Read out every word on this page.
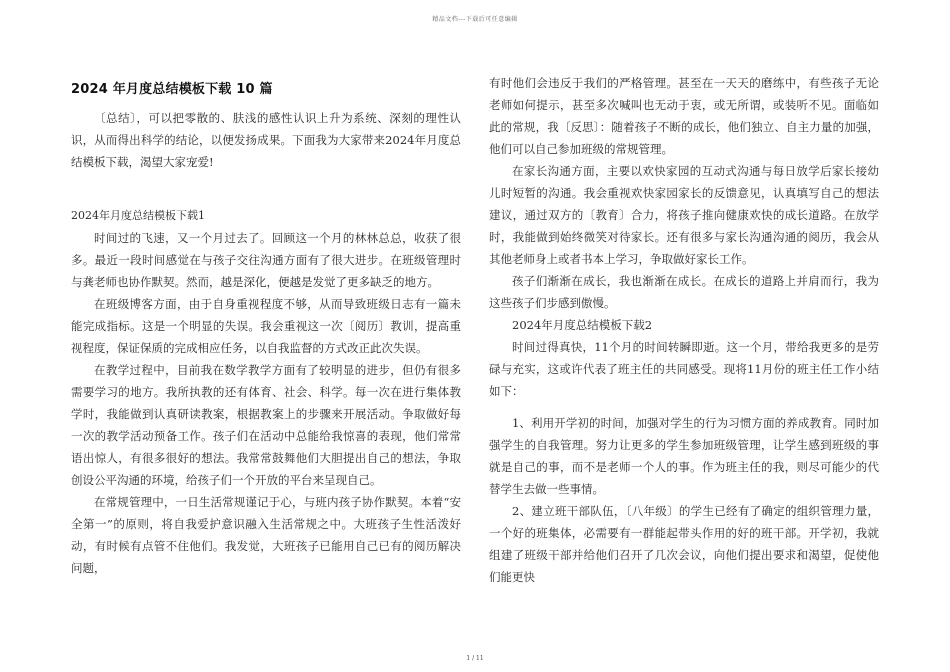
精品文档---下载后可任意编辑
2024 年月度总结模板下载 10 篇

〔总结〕，可以把零散的、肤浅的感性认识上升为系统、深刻的理性认识，从而得出科学的结论，以便发扬成果。下面我为大家带来2024年月度总结模板下载，渴望大家宠爱!

2024年月度总结模板下载1

时间过的飞速，又一个月过去了。回顾这一个月的林林总总，收获了很多。最近一段时间感觉在与孩子交往沟通方面有了很大进步。在班级管理时与龚老师也协作默契。然而，越是深化，便越是发觉了更多缺乏的地方。

在班级博客方面，由于自身重视程度不够，从而导致班级日志有一篇未能完成指标。这是一个明显的失误。我会重视这一次〔阅历〕教训，提高重视程度，保证保质的完成相应任务，以自我监督的方式改正此次失误。

在教学过程中，目前我在数学教学方面有了较明显的进步，但仍有很多需要学习的地方。我所执教的还有体育、社会、科学。每一次在进行集体教学时，我能做到认真研读教案，根据教案上的步骤来开展活动。争取做好每一次的教学活动预备工作。孩子们在活动中总能给我惊喜的表现，他们常常语出惊人，有很多很好的想法。我常常鼓舞他们大胆提出自己的想法，争取创设公平沟通的环境，给孩子们一个开放的平台来呈现自己。

在常规管理中，一日生活常规谨记于心，与班内孩子协作默契。本着“安全第一”的原则，将自我爱护意识融入生活常规之中。大班孩子生性活泼好动，有时候有点管不住他们。我发觉，大班孩子已能用自己已有的阅历解决问题，

有时他们会违反于我们的严格管理。甚至在一天天的磨练中，有些孩子无论老师如何提示，甚至多次喊叫也无动于衷，或无所谓，或装听不见。面临如此的常规，我〔反思〕：随着孩子不断的成长，他们独立、自主力量的加强，他们可以自己参加班级的常规管理。

在家长沟通方面，主要以欢快家园的互动式沟通与每日放学后家长接幼儿时短暂的沟通。我会重视欢快家园家长的反馈意见，认真填写自己的想法建议，通过双方的〔教育〕合力，将孩子推向健康欢快的成长道路。在放学时，我能做到始终微笑对待家长。还有很多与家长沟通沟通的阅历，我会从其他老师身上或者书本上学习，争取做好家长工作。

孩子们渐渐在成长，我也渐渐在成长。在成长的道路上并肩而行，我为这些孩子们步感到傲慢。

2024年月度总结模板下载2

时间过得真快，11个月的时间转瞬即逝。这一个月，带给我更多的是劳碌与充实，这或许代表了班主任的共同感受。现将11月份的班主任工作小结如下：

1、利用开学初的时间，加强对学生的行为习惯方面的养成教育。同时加强学生的自我管理。努力让更多的学生参加班级管理，让学生感到班级的事就是自己的事，而不是老师一个人的事。作为班主任的我，则尽可能少的代替学生去做一些事情。

2、建立班干部队伍，〔八年级〕的学生已经有了确定的组织管理力量，一个好的班集体，必需要有一群能起带头作用的好的班干部。开学初，我就组建了班级干部并给他们召开了几次会议，向他们提出要求和渴望，促使他们能更快

1 / 11
